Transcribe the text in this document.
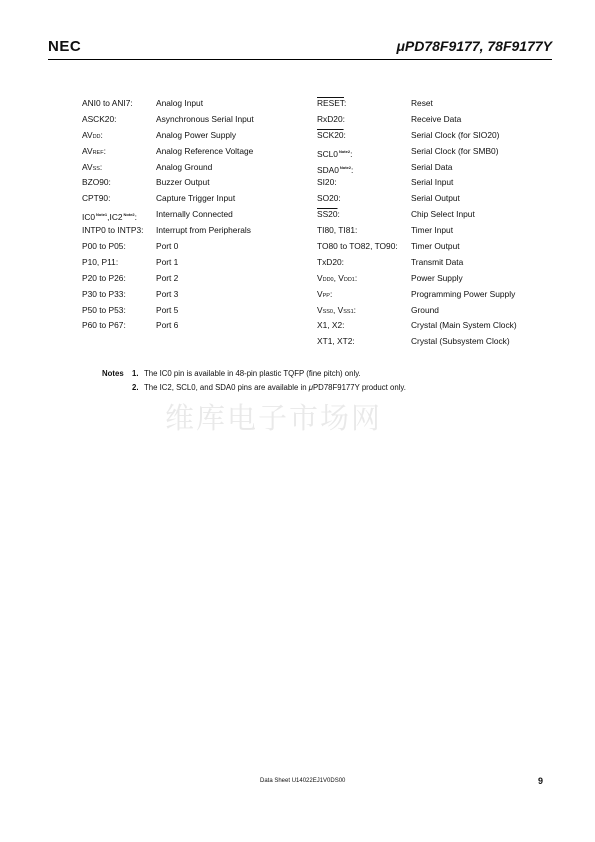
NEC	μPD78F9177, 78F9177Y
ANI0 to ANI7:	Analog Input
ASCK20:	Asynchronous Serial Input
AVDD:	Analog Power Supply
AVREF:	Analog Reference Voltage
AVSS:	Analog Ground
BZO90:	Buzzer Output
CPT90:	Capture Trigger Input
$IC0^{Note1},IC2^{Note2}$: Internally Connected
INTP0 to INTP3: Interrupt from Peripherals
P00 to P05:	Port 0
P10, P11:	Port 1
P20 to P26:	Port 2
P30 to P33:	Port 3
P50 to P53:	Port 5
P60 to P67:	Port 6
RESET:	Reset
RxD20:	Receive Data
SCK20:	Serial Clock (for SIO20)
$SCL0^{Note2}$:	Serial Clock (for SMB0)
$SDA0^{Note2}$:	Serial Data
SI20:	Serial Input
SO20:	Serial Output
SS20:	Chip Select Input
TI80, TI81:	Timer Input
TO80 to TO82, TO90: Timer Output
TxD20:	Transmit Data
VDD0, VDD1:	Power Supply
VPP:	Programming Power Supply
VSS0, VSS1:	Ground
X1, X2:	Crystal (Main System Clock)
XT1, XT2:	Crystal (Subsystem Clock)
Notes 1. The IC0 pin is available in 48-pin plastic TQFP (fine pitch) only.
2. The IC2, SCL0, and SDA0 pins are available in μPD78F9177Y product only.
维库电子市场网
Data Sheet U14022EJ1V0DS00	9
